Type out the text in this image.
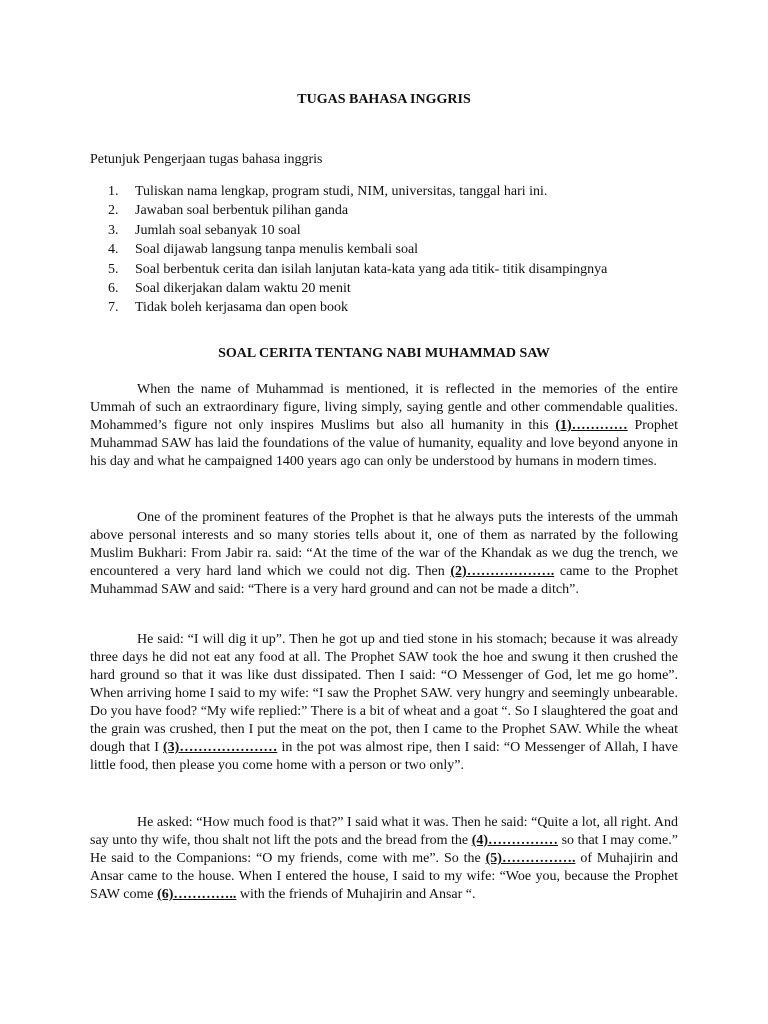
TUGAS BAHASA INGGRIS
Petunjuk Pengerjaan tugas bahasa inggris
1. Tuliskan nama lengkap, program studi, NIM, universitas, tanggal hari ini.
2. Jawaban soal berbentuk pilihan ganda
3. Jumlah soal sebanyak 10 soal
4. Soal dijawab langsung tanpa menulis kembali soal
5. Soal berbentuk cerita dan isilah lanjutan kata-kata yang ada titik- titik disampingnya
6. Soal dikerjakan dalam waktu 20 menit
7. Tidak boleh kerjasama dan open book
SOAL CERITA TENTANG NABI MUHAMMAD SAW

When the name of Muhammad is mentioned, it is reflected in the memories of the entire Ummah of such an extraordinary figure, living simply, saying gentle and other commendable qualities. Mohammed’s figure not only inspires Muslims but also all humanity in this (1)………… Prophet Muhammad SAW has laid the foundations of the value of humanity, equality and love beyond anyone in his day and what he campaigned 1400 years ago can only be understood by humans in modern times.

One of the prominent features of the Prophet is that he always puts the interests of the ummah above personal interests and so many stories tells about it, one of them as narrated by the following Muslim Bukhari: From Jabir ra. said: “At the time of the war of the Khandak as we dug the trench, we encountered a very hard land which we could not dig. Then (2)………………. came to the Prophet Muhammad SAW and said: “There is a very hard ground and can not be made a ditch”.

He said: “I will dig it up”. Then he got up and tied stone in his stomach; because it was already three days he did not eat any food at all. The Prophet SAW took the hoe and swung it then crushed the hard ground so that it was like dust dissipated. Then I said: “O Messenger of God, let me go home”. When arriving home I said to my wife: “I saw the Prophet SAW. very hungry and seemingly unbearable. Do you have food? “My wife replied:” There is a bit of wheat and a goat “. So I slaughtered the goat and the grain was crushed, then I put the meat on the pot, then I came to the Prophet SAW. While the wheat dough that I (3)………………… in the pot was almost ripe, then I said: “O Messenger of Allah, I have little food, then please you come home with a person or two only”.

He asked: “How much food is that?” I said what it was. Then he said: “Quite a lot, all right. And say unto thy wife, thou shalt not lift the pots and the bread from the (4)…………… so that I may come.” He said to the Companions: “O my friends, come with me”. So the (5)……………. of Muhajirin and Ansar came to the house. When I entered the house, I said to my wife: “Woe you, because the Prophet SAW come (6)………….. with the friends of Muhajirin and Ansar “.
